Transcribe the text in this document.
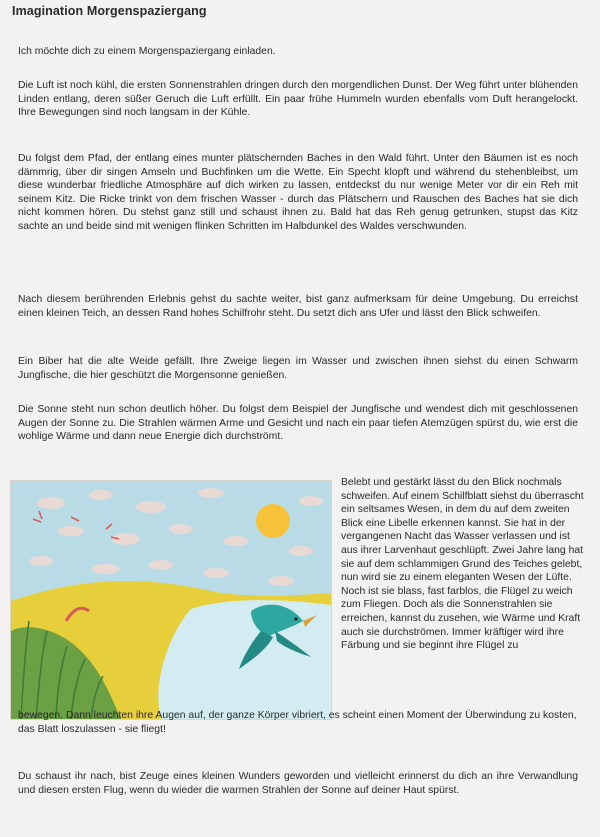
Imagination Morgenspaziergang

Ich möchte dich zu einem Morgenspaziergang einladen.

Die Luft ist noch kühl, die ersten Sonnenstrahlen dringen durch den morgendlichen Dunst. Der Weg führt unter blühenden Linden entlang, deren süßer Geruch die Luft erfüllt. Ein paar frühe Hummeln wurden ebenfalls vom Duft herangelockt. Ihre Bewegungen sind noch langsam in der Kühle.

Du folgst dem Pfad, der entlang eines munter plätschernden Baches in den Wald führt. Unter den Bäumen ist es noch dämmrig, über dir singen Amseln und Buchfinken um die Wette. Ein Specht klopft und während du stehenbleibst, um diese wunderbar friedliche Atmosphäre auf dich wirken zu lassen, entdeckst du nur wenige Meter vor dir ein Reh mit seinem Kitz. Die Ricke trinkt von dem frischen Wasser - durch das Plätschern und Rauschen des Baches hat sie dich nicht kommen hören. Du stehst ganz still und schaust ihnen zu. Bald hat das Reh genug getrunken, stupst das Kitz sachte an und beide sind mit wenigen flinken Schritten im Halbdunkel des Waldes verschwunden.

Nach diesem berührenden Erlebnis gehst du sachte weiter, bist ganz aufmerksam für deine Umgebung. Du erreichst einen kleinen Teich, an dessen Rand hohes Schilfrohr steht. Du setzt dich ans Ufer und lässt den Blick schweifen.

Ein Biber hat die alte Weide gefällt. Ihre Zweige liegen im Wasser und zwischen ihnen siehst du einen Schwarm Jungfische, die hier geschützt die Morgensonne genießen.

Die Sonne steht nun schon deutlich höher. Du folgst dem Beispiel der Jungfische und wendest dich mit geschlossenen Augen der Sonne zu. Die Strahlen wärmen Arme und Gesicht und nach ein paar tiefen Atemzügen spürst du, wie erst die wohlige Wärme und dann neue Energie dich durchströmt.

Belebt und gestärkt lässt du den Blick nochmals schweifen. Auf einem Schilfblatt siehst du überrascht ein seltsames Wesen, in dem du auf dem zweiten Blick eine Libelle erkennen kannst. Sie hat in der vergangenen Nacht das Wasser verlassen und ist aus ihrer Larvenhaut geschlüpft. Zwei Jahre lang hat sie auf dem schlammigen Grund des Teiches gelebt, nun wird sie zu einem eleganten Wesen der Lüfte. Noch ist sie blass, fast farblos, die Flügel zu weich zum Fliegen. Doch als die Sonnenstrahlen sie erreichen, kannst du zusehen, wie Wärme und Kraft auch sie durchströmen. Immer kräftiger wird ihre Färbung und sie beginnt ihre Flügel zu

bewegen. Dann leuchten ihre Augen auf, der ganze Körper vibriert, es scheint einen Moment der Überwindung zu kosten, das Blatt loszulassen - sie fliegt!

Du schaust ihr nach, bist Zeuge eines kleinen Wunders geworden und vielleicht erinnerst du dich an ihre Verwandlung und diesen ersten Flug, wenn du wieder die warmen Strahlen der Sonne auf deiner Haut spürst.
